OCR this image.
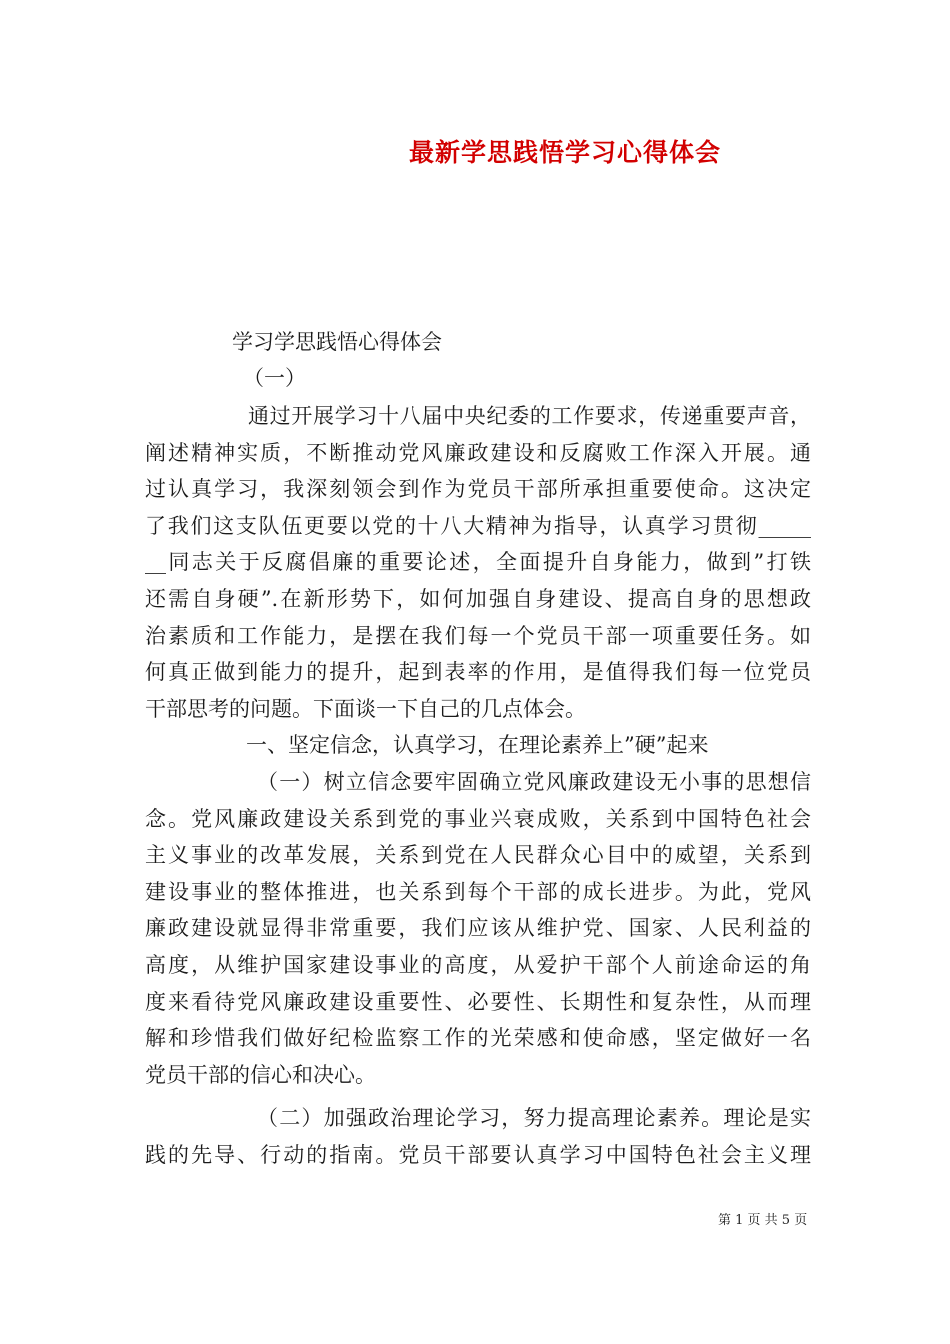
最新学思践悟学习心得体会

学习学思践悟心得体会

（一）

通过开展学习十八届中央纪委的工作要求，传递重要声音，
阐述精神实质，不断推动党风廉政建设和反腐败工作深入开展。通
过认真学习，我深刻领会到作为党员干部所承担重要使命。这决定
了我们这支队伍更要以党的十八大精神为指导，认真学习贯彻_____
__同志关于反腐倡廉的重要论述，全面提升自身能力，做到”打铁
还需自身硬”.在新形势下，如何加强自身建设、提高自身的思想政
治素质和工作能力，是摆在我们每一个党员干部一项重要任务。如
何真正做到能力的提升，起到表率的作用，是值得我们每一位党员
干部思考的问题。下面谈一下自己的几点体会。
一、坚定信念，认真学习，在理论素养上”硬”起来
（一）树立信念要牢固确立党风廉政建设无小事的思想信
念。党风廉政建设关系到党的事业兴衰成败，关系到中国特色社会
主义事业的改革发展，关系到党在人民群众心目中的威望，关系到
建设事业的整体推进，也关系到每个干部的成长进步。为此，党风
廉政建设就显得非常重要，我们应该从维护党、国家、人民利益的
高度，从维护国家建设事业的高度，从爱护干部个人前途命运的角
度来看待党风廉政建设重要性、必要性、长期性和复杂性，从而理
解和珍惜我们做好纪检监察工作的光荣感和使命感，坚定做好一名
党员干部的信心和决心。
（二）加强政治理论学习，努力提高理论素养。理论是实
践的先导、行动的指南。党员干部要认真学习中国特色社会主义理
第 1 页 共 5 页
